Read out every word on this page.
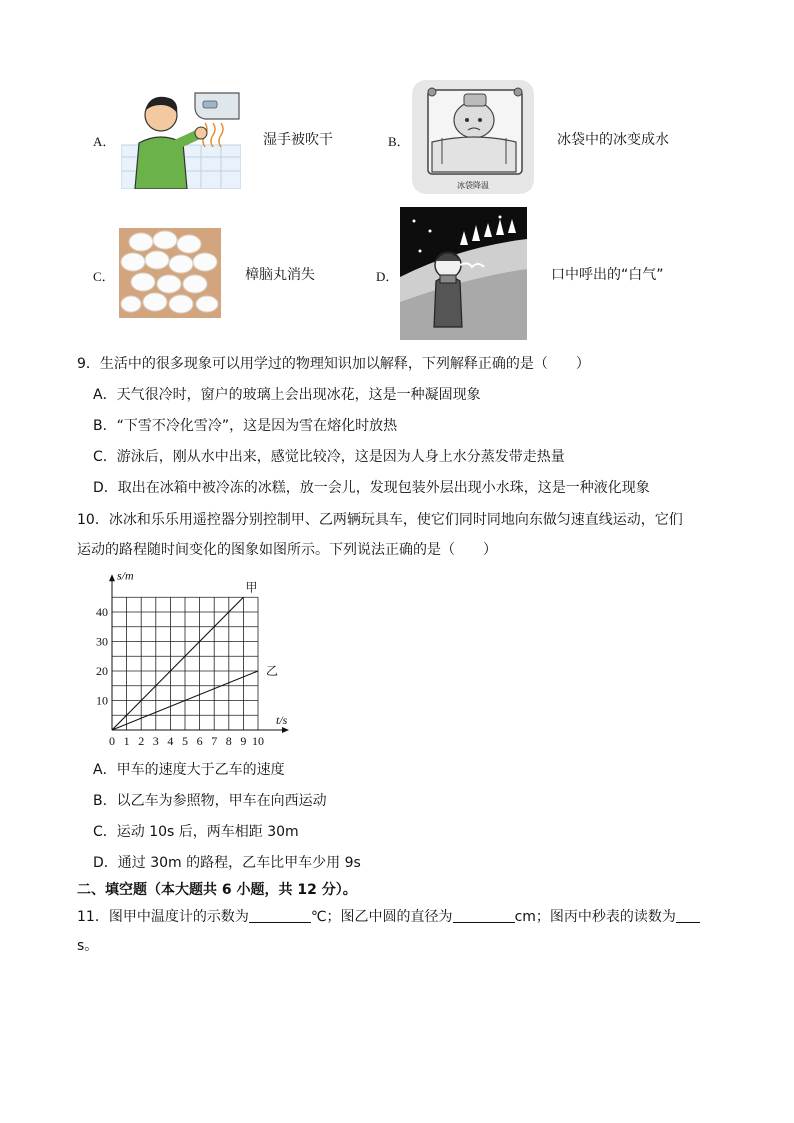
A．	湿手被吹干	B．
冰袋降温
冰袋中的冰变成水
C．	樟脑丸消失	D．	口中呼出的“白气”
9．生活中的很多现象可以用学过的物理知识加以解释，下列解释正确的是（　　）
A．天气很冷时，窗户的玻璃上会出现冰花，这是一种凝固现象
B．“下雪不冷化雪冷”，这是因为雪在熔化时放热
C．游泳后，刚从水中出来，感觉比较冷，这是因为人身上水分蒸发带走热量
D．取出在冰箱中被冷冻的冰糕，放一会儿，发现包装外层出现小水珠，这是一种液化现象
10．冰冰和乐乐用遥控器分别控制甲、乙两辆玩具车，使它们同时同地向东做匀速直线运动，它们
运动的路程随时间变化的图象如图所示。下列说法正确的是（　　）
0 1 2 3 4 5 6 7 8 9 10
10
20
30
40
t/s
s/m
甲
乙
A．甲车的速度大于乙车的速度
B．以乙车为参照物，甲车在向西运动
C．运动 10s 后，两车相距 30m
D．通过 30m 的路程，乙车比甲车少用 9s
二、填空题（本大题共 6 小题，共 12 分）。
11．图甲中温度计的示数为	℃；图乙中圆的直径为	cm；图丙中秒表的读数为
s。
